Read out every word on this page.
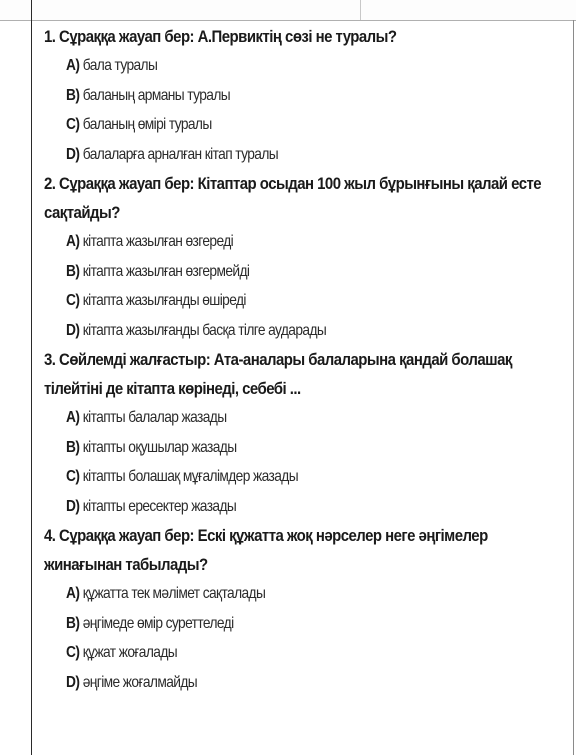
1. Сұраққа жауап бер: А.Первиктің сөзі не туралы?
A) бала туралы
B) баланың арманы туралы
C) баланың өмірі туралы
D) балаларға арналған кітап туралы
2. Сұраққа жауап бер: Кітаптар осыдан 100 жыл бұрынғыны қалай есте сақтайды?
A) кітапта жазылған өзгереді
B) кітапта жазылған өзгермейді
C) кітапта жазылғанды өшіреді
D) кітапта жазылғанды басқа тілге аударады
3. Сөйлемді жалғастыр: Ата-аналары балаларына қандай болашақ тілейтіні де кітапта көрінеді, себебі ...
A) кітапты балалар жазады
B) кітапты оқушылар жазады
C) кітапты болашақ мұғалімдер жазады
D) кітапты ересектер жазады
4. Сұраққа жауап бер: Ескі құжатта жоқ нәрселер неге әңгімелер жинағынан табылады?
A) құжатта тек мәлімет сақталады
B) әңгімеде өмір суреттеледі
C) құжат жоғалады
D) әңгіме жоғалмайды
